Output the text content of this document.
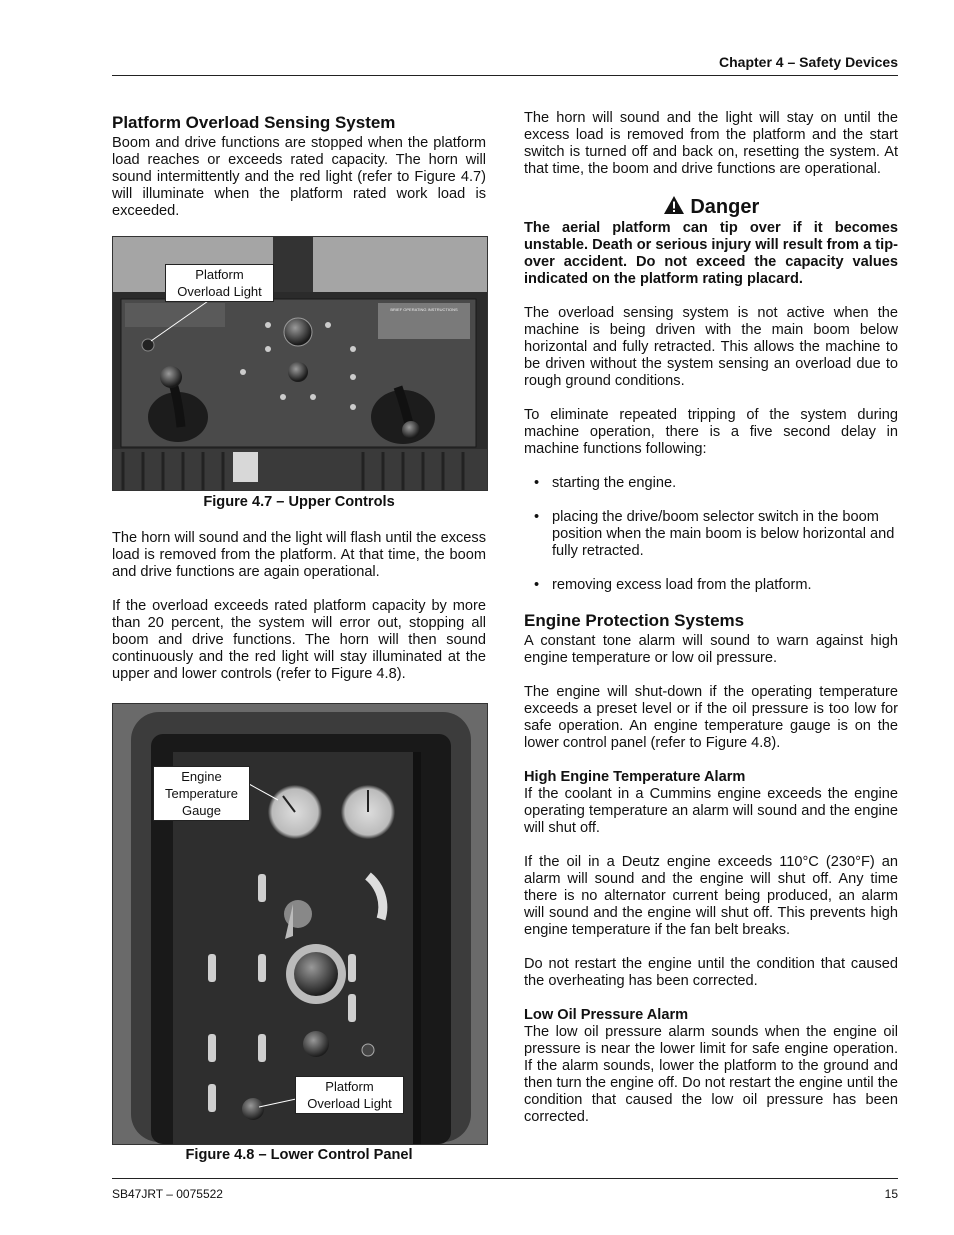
Chapter 4 – Safety Devices
Platform Overload Sensing System

Boom and drive functions are stopped when the platform load reaches or exceeds rated capacity. The horn will sound intermittently and the red light (refer to Figure 4.7) will illuminate when the platform rated work load is exceeded.

BRIEF OPERATING INSTRUCTIONS
Platform
Overload Light
Figure 4.7 – Upper Controls

The horn will sound and the light will flash until the excess load is removed from the platform. At that time, the boom and drive functions are again operational.

If the overload exceeds rated platform capacity by more than 20 percent, the system will error out, stopping all boom and drive functions. The horn will then sound continuously and the red light will stay illuminated at the upper and lower controls (refer to Figure 4.8).

Engine
Temperature
Gauge
Platform
Overload Light
Figure 4.8 – Lower Control Panel

The horn will sound and the light will stay on until the excess load is removed from the platform and the start switch is turned off and back on, resetting the system. At that time, the boom and drive functions are operational.

Danger

The aerial platform can tip over if it becomes unstable. Death or serious injury will result from a tip-over accident. Do not exceed the capacity values indicated on the platform rating placard.

The overload sensing system is not active when the machine is being driven with the main boom below horizontal and fully retracted. This allows the machine to be driven without the system sensing an overload due to rough ground conditions.

To eliminate repeated tripping of the system during machine operation, there is a five second delay in machine functions following:

• starting the engine.
• placing the drive/boom selector switch in the boom position when the main boom is below horizontal and fully retracted.
• removing excess load from the platform.
Engine Protection Systems

A constant tone alarm will sound to warn against high engine temperature or low oil pressure.

The engine will shut-down if the operating temperature exceeds a preset level or if the oil pressure is too low for safe operation. An engine temperature gauge is on the lower control panel (refer to Figure 4.8).

High Engine Temperature Alarm

If the coolant in a Cummins engine exceeds the engine operating temperature an alarm will sound and the engine will shut off.

If the oil in a Deutz engine exceeds 110°C (230°F) an alarm will sound and the engine will shut off. Any time there is no alternator current being produced, an alarm will sound and the engine will shut off. This prevents high engine temperature if the fan belt breaks.

Do not restart the engine until the condition that caused the overheating has been corrected.

Low Oil Pressure Alarm

The low oil pressure alarm sounds when the engine oil pressure is near the lower limit for safe engine operation. If the alarm sounds, lower the platform to the ground and then turn the engine off. Do not restart the engine until the condition that caused the low oil pressure has been corrected.

SB47JRT – 0075522	15
